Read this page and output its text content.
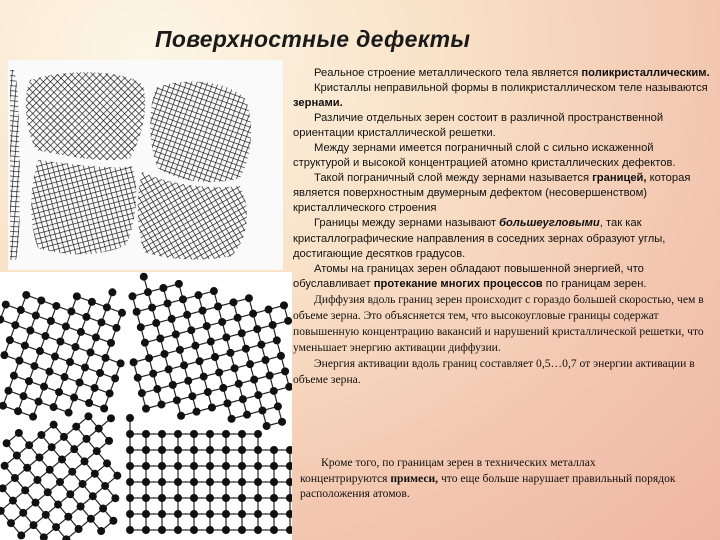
Поверхностные дефекты
Реальное строение металлического тела является поликристаллическим.
Кристаллы неправильной формы в поликристаллическом теле называются зернами.
Различие отдельных зерен состоит в различной пространственной ориентации кристаллической решетки.
Между зернами имеется пограничный слой с сильно искаженной структурой и высокой концентрацией атомно кристаллических дефектов.
Такой пограничный слой между зернами называется границей, которая является поверхностным двумерным дефектом (несовершенством) кристаллического строения
Границы между зернами называют большеугловыми, так как кристаллографические направления в соседних зернах образуют углы, достигающие десятков градусов.
Атомы на границах зерен обладают повышенной энергией, что обуславливает протекание многих процессов по границам зерен.
Диффузия вдоль границ зерен происходит с гораздо большей скоростью, чем в объеме зерна. Это объясняется тем, что высокоугловые границы содержат повышенную концентрацию вакансий и нарушений кристаллической решетки, что уменьшает энергию активации диффузии.
Энергия активации вдоль границ составляет 0,5…0,7 от энергии активации в объеме зерна.
Кроме того, по границам зерен в технических металлах концентрируются примеси, что еще больше нарушает правильный порядок расположения атомов.
